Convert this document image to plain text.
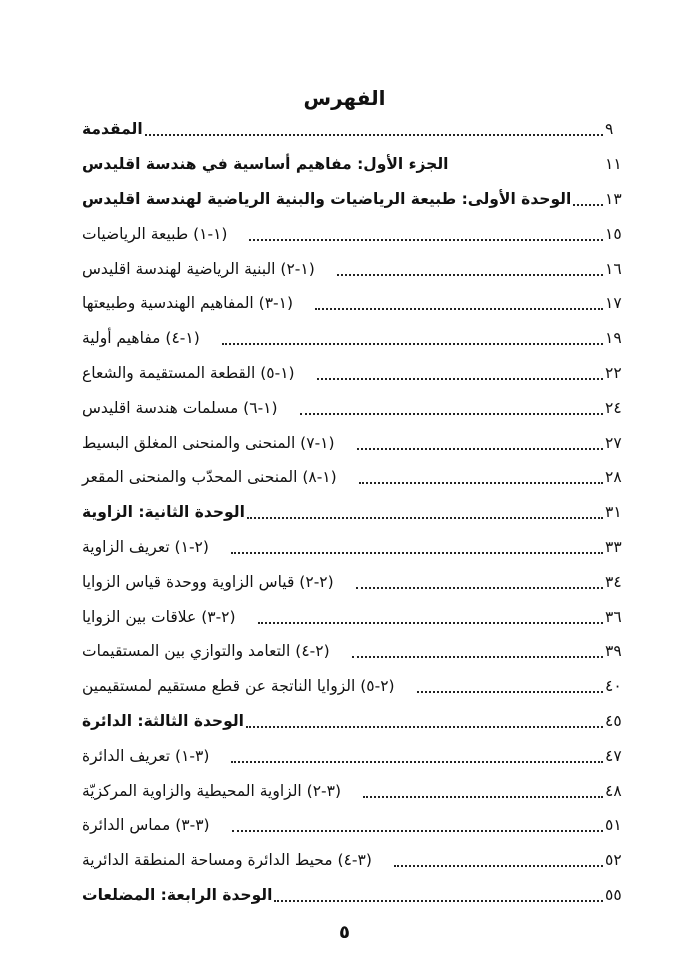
الفهرس
المقدمة	٩
الجزء الأول: مفاهيم أساسية في هندسة اقليدس	١١
الوحدة الأولى: طبيعة الرياضيات والبنية الرياضية لهندسة اقليدس ١٣
(١-١) طبيعة الرياضيات	١٥
(١-٢) البنية الرياضية لهندسة اقليدس	١٦
(١-٣) المفاهيم الهندسية وطبيعتها	١٧
(١-٤) مفاهيم أولية	١٩
(١-٥) القطعة المستقيمة والشعاع	٢٢
(١-٦) مسلمات هندسة اقليدس	٢٤
(١-٧) المنحنى والمنحنى المغلق البسيط	٢٧
(١-٨) المنحنى المحدّب والمنحنى المقعر	٢٨
الوحدة الثانية: الزاوية	٣١
(٢-١) تعريف الزاوية	٣٣
(٢-٢) قياس الزاوية ووحدة قياس الزوايا	٣٤
(٢-٣) علاقات بين الزوايا	٣٦
(٢-٤) التعامد والتوازي بين المستقيمات	٣٩
(٢-٥) الزوايا الناتجة عن قطع مستقيم لمستقيمين	٤٠
الوحدة الثالثة: الدائرة	٤٥
(٣-١) تعريف الدائرة	٤٧
(٣-٢) الزاوية المحيطية والزاوية المركزيّة	٤٨
(٣-٣) مماس الدائرة	٥١
(٣-٤) محيط الدائرة ومساحة المنطقة الدائرية	٥٢
الوحدة الرابعة: المضلعات	٥٥
٥
